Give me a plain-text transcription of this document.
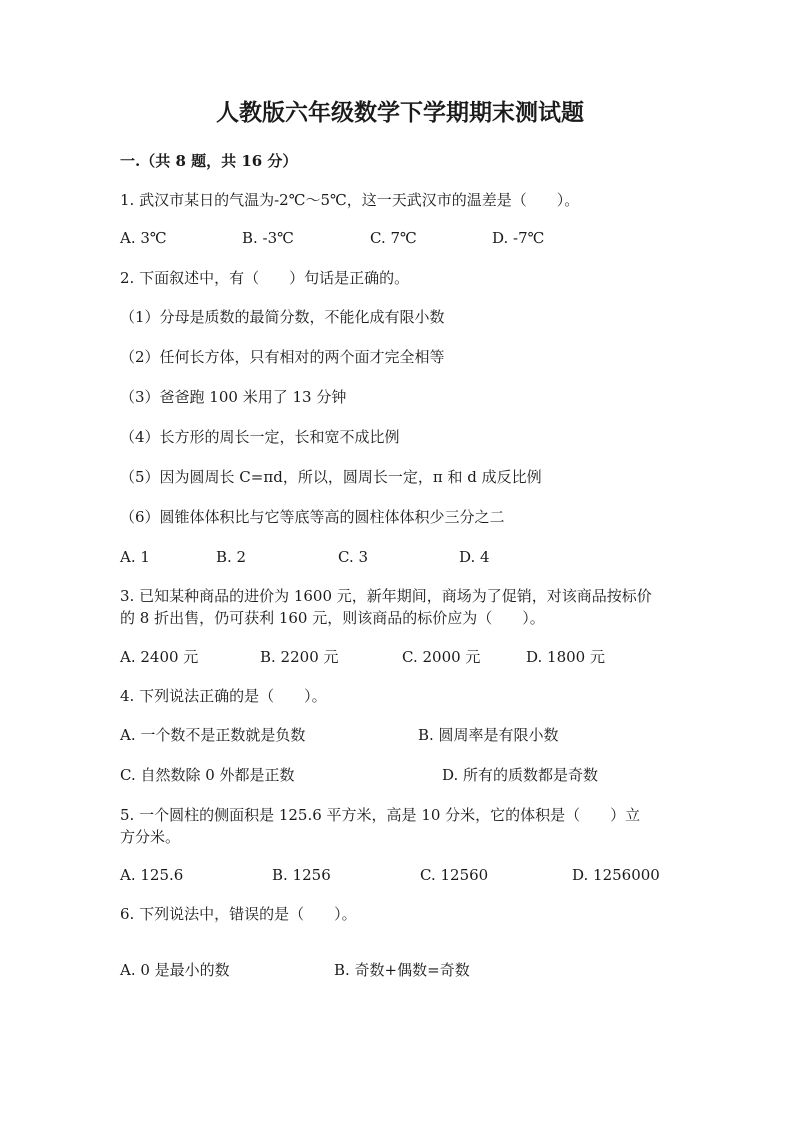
人教版六年级数学下学期期末测试题
一.（共 8 题，共 16 分）
1. 武汉市某日的气温为-2℃～5℃，这一天武汉市的温差是（　　）。
A. 3℃	B. -3℃	C. 7℃	D. -7℃
2. 下面叙述中，有（　　）句话是正确的。
（1）分母是质数的最简分数，不能化成有限小数
（2）任何长方体，只有相对的两个面才完全相等
（3）爸爸跑 100 米用了 13 分钟
（4）长方形的周长一定，长和宽不成比例
（5）因为圆周长 C=πd，所以，圆周长一定，π 和 d 成反比例
（6）圆锥体体积比与它等底等高的圆柱体体积少三分之二
A. 1	B. 2	C. 3	D. 4
3. 已知某种商品的进价为 1600 元，新年期间，商场为了促销，对该商品按标价
的 8 折出售，仍可获利 160 元，则该商品的标价应为（　　）。
A. 2400 元	B. 2200 元	C. 2000 元	D. 1800 元
4. 下列说法正确的是（　　）。
A. 一个数不是正数就是负数	B. 圆周率是有限小数
C. 自然数除 0 外都是正数	D. 所有的质数都是奇数
5. 一个圆柱的侧面积是 125.6 平方米，高是 10 分米，它的体积是（　　）立
方分米。
A. 125.6	B. 1256	C. 12560	D. 1256000
6. 下列说法中，错误的是（　　）。
A. 0 是最小的数	B. 奇数+偶数=奇数
